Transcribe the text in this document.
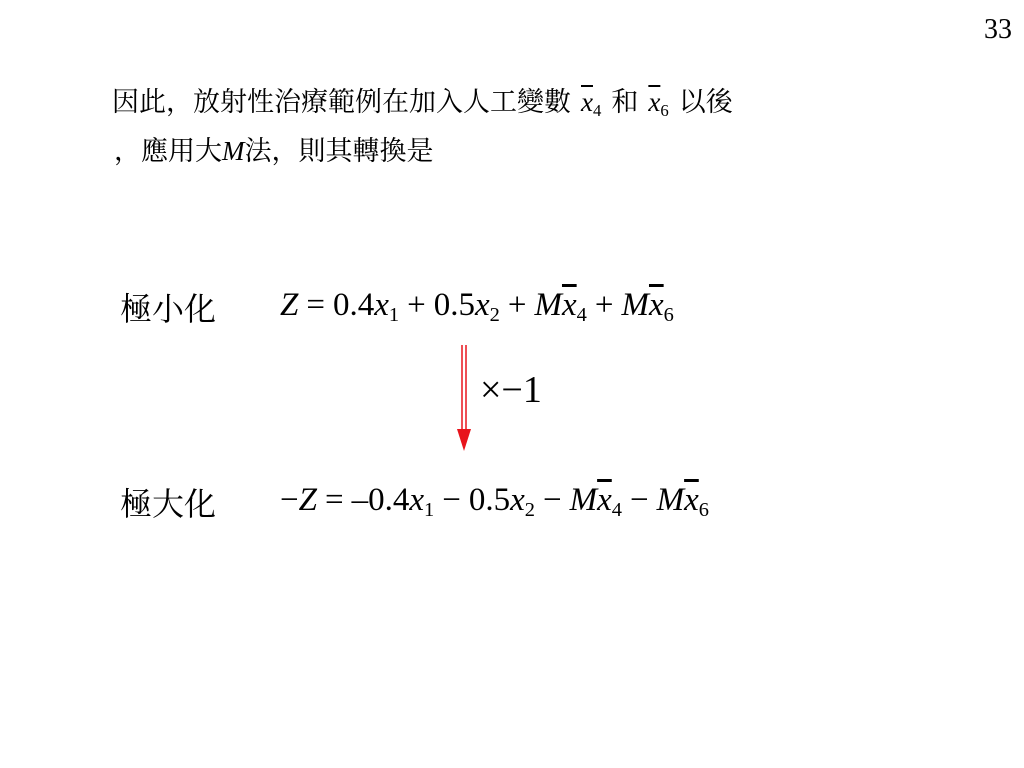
33
因此，放射性治療範例在加入人工變數 $\overline{x}_4$ 和 $\overline{x}_6$ 以後
，應用大M法，則其轉換是
極小化	$Z = 0.4x_1 + 0.5x_2 + M\overline{x}_4 + M\overline{x}_6$
×−1
極大化	$-Z = -0.4x_1 - 0.5x_2 - M\overline{x}_4 - M\overline{x}_6$
